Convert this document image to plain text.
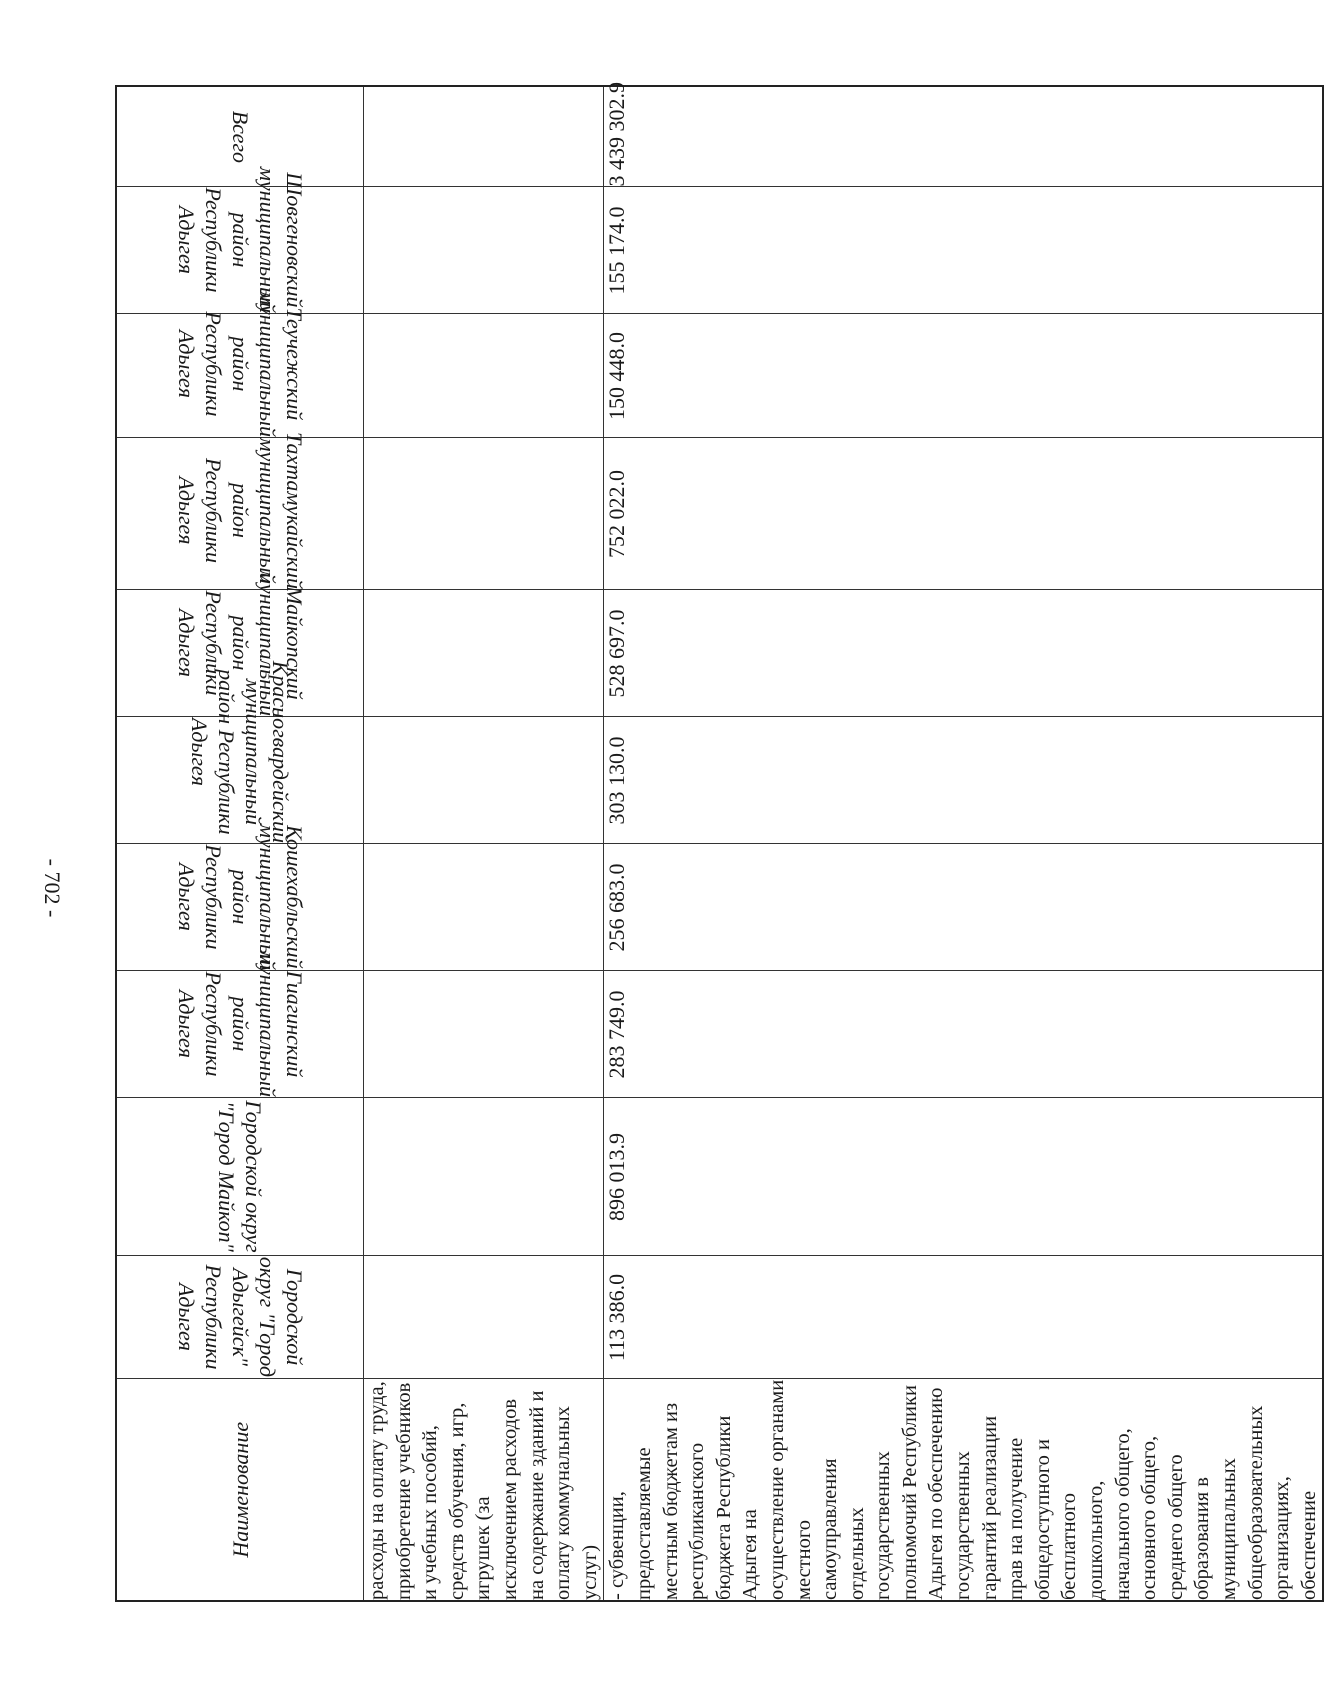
- 702 -
Наименование	Городской округ "Город Адыгейск" Республики Адыгея	Городской округ "Город Майкоп"	Гиагинский муниципальный район Республики Адыгея	Кошехабльский муниципальный район Республики Адыгея	Красногвардейский муниципальный район Республики Адыгея	Майкопский муниципальный район Республики Адыгея	Тахтамукайский муниципальный район Республики Адыгея	Теучежский муниципальный район Республики Адыгея	Шовгеновский муниципальный район Республики Адыгея	Всего
расходы на оплату труда, приобретение учебников и учебных пособий, средств обучения, игр, игрушек (за исключением расходов на содержание зданий и оплату коммунальных услуг)										
- субвенции, предоставляемые местным бюджетам из республиканского бюджета Республики Адыгея на осуществление органами местного самоуправления отдельных государственных полномочий Республики Адыгея по обеспечению государственных гарантий реализации прав на получение общедоступного и бесплатного дошкольного, начального общего, основного общего, среднего общего образования в муниципальных общеобразовательных организациях, обеспечение	113 386.0	896 013.9	283 749.0	256 683.0	303 130.0	528 697.0	752 022.0	150 448.0	155 174.0	3 439 302.9
